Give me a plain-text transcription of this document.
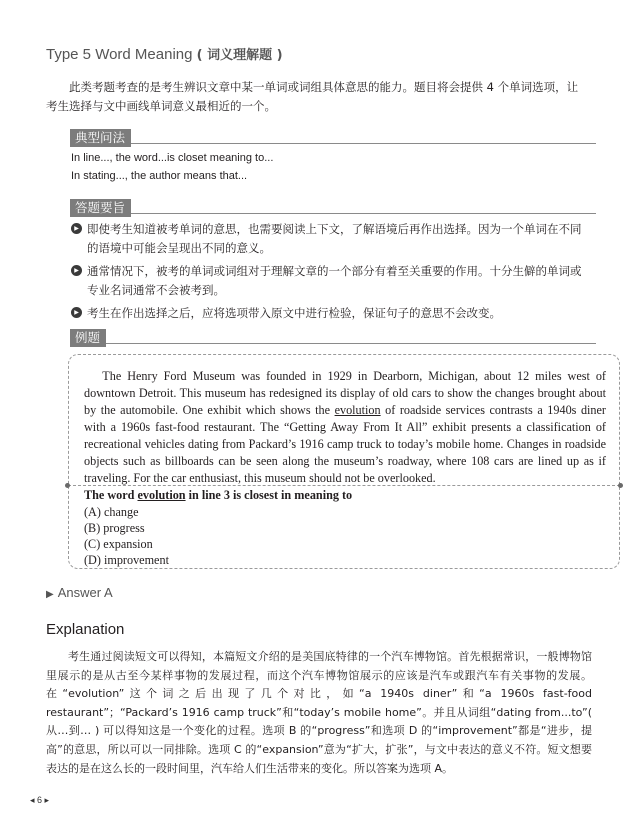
Type 5 Word Meaning ( 词义理解题 )

此类考题考查的是考生辨识文章中某一单词或词组具体意思的能力。题目将会提供 4 个单词选项，让考生选择与文中画线单词意义最相近的一个。

典型问法
In line..., the word...is closet meaning to...
In stating..., the author means that...
答题要旨
▶ 即使考生知道被考单词的意思，也需要阅读上下文，了解语境后再作出选择。因为一个单词在不同的语境中可能会呈现出不同的意义。
▶ 通常情况下，被考的单词或词组对于理解文章的一个部分有着至关重要的作用。十分生僻的单词或专业名词通常不会被考到。
▶ 考生在作出选择之后，应将选项带入原文中进行检验，保证句子的意思不会改变。
例题

The Henry Ford Museum was founded in 1929 in Dearborn, Michigan, about 12 miles west of downtown Detroit. This museum has redesigned its display of old cars to show the changes brought about by the automobile. One exhibit which shows the evolution of roadside services contrasts a 1940s diner with a 1960s fast-food restaurant. The “Getting Away From It All” exhibit presents a classification of recreational vehicles dating from Packard’s 1916 camp truck to today’s mobile home. Changes in roadside objects such as billboards can be seen along the museum’s roadway, where 108 cars are lined up as if traveling. For the car enthusiast, this museum should not be overlooked.

The word evolution in line 3 is closest in meaning to
(A) change
(B) progress
(C) expansion
(D) improvement
▶ Answer A
Explanation

考生通过阅读短文可以得知，本篇短文介绍的是美国底特律的一个汽车博物馆。首先根据常识，一般博物馆里展示的是从古至今某样事物的发展过程，而这个汽车博物馆展示的应该是汽车或跟汽车有关事物的发展。在“evolution”这个词之后出现了几个对比，如“a 1940s diner”和“a 1960s fast-food restaurant”；“Packard’s 1916 camp truck”和“today’s mobile home”。并且从词组“dating from...to”( 从…到… ) 可以得知这是一个变化的过程。选项 B 的“progress”和选项 D 的“improvement”都是“进步，提高”的意思，所以可以一同排除。选项 C 的“expansion”意为“扩大，扩张”，与文中表达的意义不符。短文想要表达的是在这么长的一段时间里，汽车给人们生活带来的变化。所以答案为选项 A。

◂ 6 ▸
